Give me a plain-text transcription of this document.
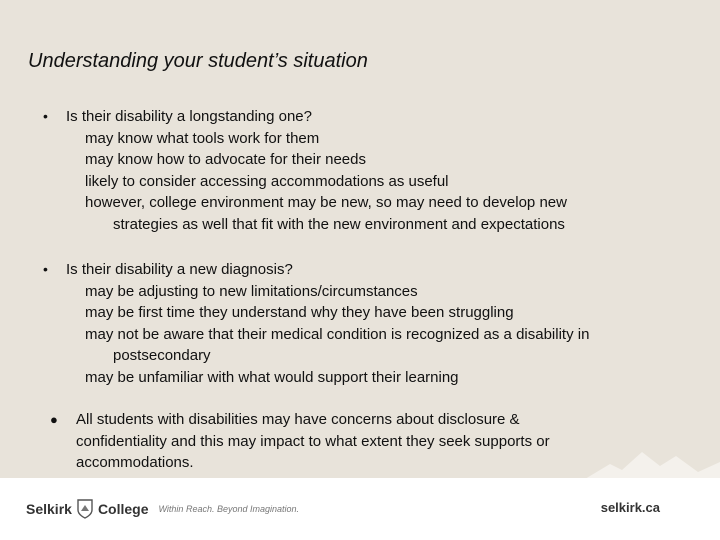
Understanding your student’s situation
• Is their disability a longstanding one?
may know what tools work for them
may know how to advocate for their needs
likely to consider accessing accommodations as useful
however, college environment may be new, so may need to develop new
strategies as well that fit with the new environment and expectations
• Is their disability a new diagnosis?
may be adjusting to new limitations/circumstances
may be first time they understand why they have been struggling
may not be aware that their medical condition is recognized as a disability in
postsecondary
may be unfamiliar with what would support their learning
● All students with disabilities may have concerns about disclosure &
confidentiality and this may impact to what extent they seek supports or
accommodations.
Selkirk College Within Reach. Beyond Imagination.	selkirk.ca
